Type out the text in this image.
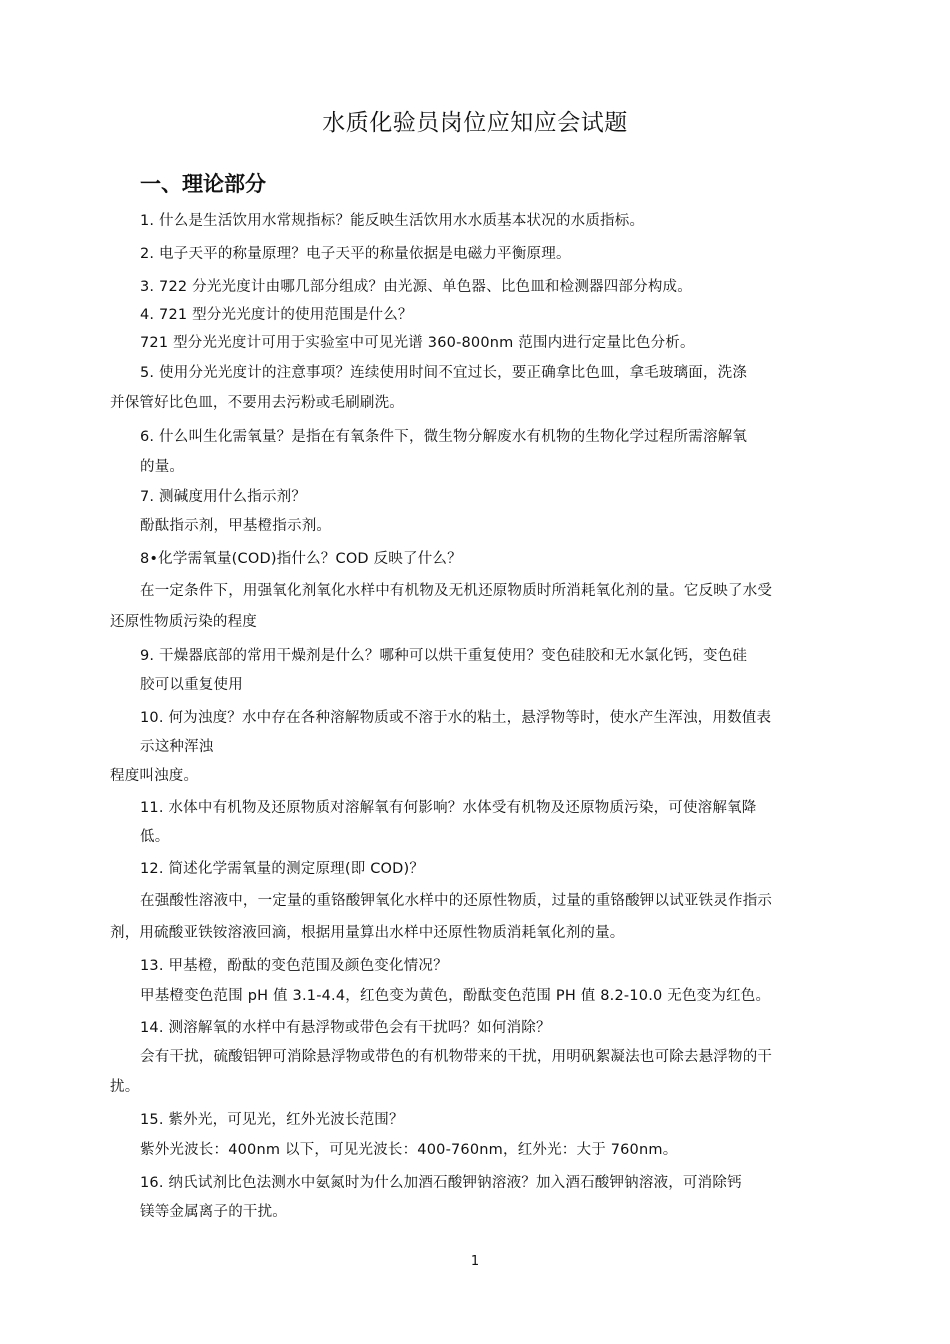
水质化验员岗位应知应会试题
一、理论部分
1. 什么是生活饮用水常规指标？能反映生活饮用水水质基本状况的水质指标。
2. 电子天平的称量原理？电子天平的称量依据是电磁力平衡原理。
3. 722 分光光度计由哪几部分组成？由光源、单色器、比色皿和检测器四部分构成。
4. 721 型分光光度计的使用范围是什么？
721 型分光光度计可用于实验室中可见光谱 360-800nm 范围内进行定量比色分析。
5. 使用分光光度计的注意事项？连续使用时间不宜过长，要正确拿比色皿，拿毛玻璃面，洗涤
并保管好比色皿，不要用去污粉或毛刷刷洗。
6. 什么叫生化需氧量？是指在有氧条件下，微生物分解废水有机物的生物化学过程所需溶解氧
的量。
7. 测碱度用什么指示剂？
酚酞指示剂，甲基橙指示剂。
8•化学需氧量(COD)指什么？COD 反映了什么？
在一定条件下，用强氧化剂氧化水样中有机物及无机还原物质时所消耗氧化剂的量。它反映了水受
还原性物质污染的程度
9. 干燥器底部的常用干燥剂是什么？哪种可以烘干重复使用？变色硅胶和无水氯化钙，变色硅
胶可以重复使用
10. 何为浊度？水中存在各种溶解物质或不溶于水的粘土，悬浮物等时，使水产生浑浊，用数值表
示这种浑浊
程度叫浊度。
11. 水体中有机物及还原物质对溶解氧有何影响？水体受有机物及还原物质污染，可使溶解氧降
低。
12. 简述化学需氧量的测定原理(即 COD)？
在强酸性溶液中，一定量的重铬酸钾氧化水样中的还原性物质，过量的重铬酸钾以试亚铁灵作指示
剂，用硫酸亚铁铵溶液回滴，根据用量算出水样中还原性物质消耗氧化剂的量。
13. 甲基橙，酚酞的变色范围及颜色变化情况？
甲基橙变色范围 pH 值 3.1-4.4，红色变为黄色，酚酞变色范围 PH 值 8.2-10.0 无色变为红色。
14. 测溶解氧的水样中有悬浮物或带色会有干扰吗？如何消除？
会有干扰，硫酸铝钾可消除悬浮物或带色的有机物带来的干扰，用明矾絮凝法也可除去悬浮物的干
扰。
15. 紫外光，可见光，红外光波长范围？
紫外光波长：400nm 以下，可见光波长：400-760nm，红外光：大于 760nm。
16. 纳氏试剂比色法测水中氨氮时为什么加酒石酸钾钠溶液？加入酒石酸钾钠溶液，可消除钙
镁等金属离子的干扰。
1
